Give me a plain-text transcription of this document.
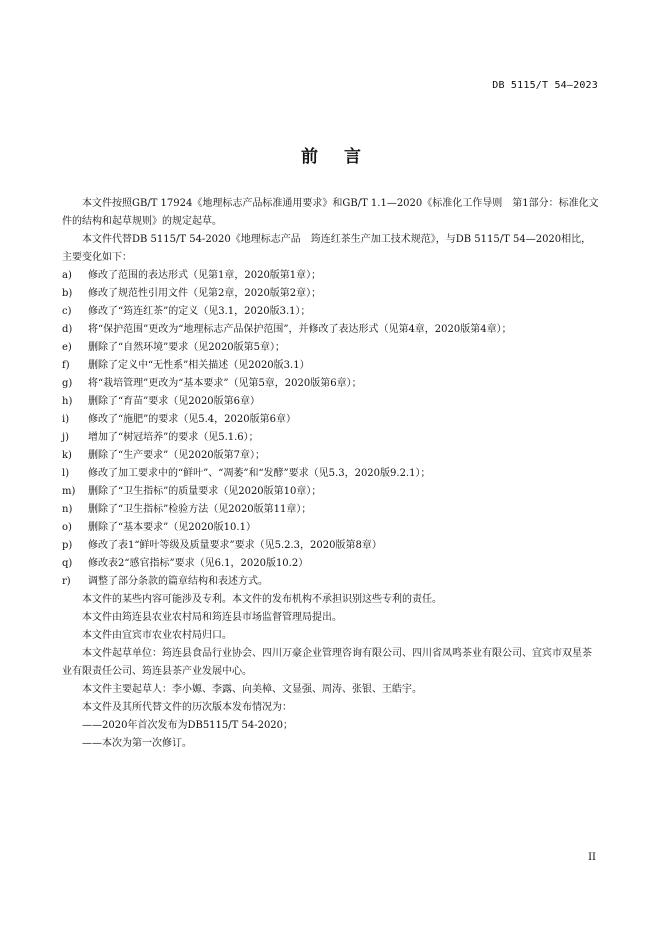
DB 5115/T 54—2023
前言

本文件按照GB/T 17924《地理标志产品标准通用要求》和GB/T 1.1—2020《标准化工作导则　第1部分：标准化文件的结构和起草规则》的规定起草。

本文件代替DB 5115/T 54-2020《地理标志产品　筠连红茶生产加工技术规范》，与DB 5115/T 54—2020相比，主要变化如下：

a)	修改了范围的表达形式（见第1章，2020版第1章）；
b)	修改了规范性引用文件（见第2章，2020版第2章）；
c)	修改了“筠连红茶”的定义（见3.1，2020版3.1）；
d)	将“保护范围”更改为“地理标志产品保护范围”，并修改了表达形式（见第4章，2020版第4章）；
e)	删除了“自然环境”要求（见2020版第5章）；
f)	删除了定义中“无性系”相关描述（见2020版3.1）
g)	将“栽培管理”更改为“基本要求”（见第5章，2020版第6章）；
h)	删除了“育苗”要求（见2020版第6章）
i)	修改了“施肥”的要求（见5.4，2020版第6章）
j)	增加了“树冠培养”的要求（见5.1.6）；
k)	删除了“生产要求”（见2020版第7章）；
l)	修改了加工要求中的“鲜叶”、“凋萎”和“发酵”要求（见5.3，2020版9.2.1）；
m)	删除了“卫生指标”的质量要求（见2020版第10章）；
n)	删除了“卫生指标”检验方法（见2020版第11章）；
o)	删除了“基本要求”（见2020版10.1）
p)	修改了表1“鲜叶等级及质量要求”要求（见5.2.3，2020版第8章）
q)	修改表2“感官指标”要求（见6.1，2020版10.2）
r)	调整了部分条款的篇章结构和表述方式。

本文件的某些内容可能涉及专利。本文件的发布机构不承担识别这些专利的责任。

本文件由筠连县农业农村局和筠连县市场监督管理局提出。

本文件由宜宾市农业农村局归口。

本文件起草单位：筠连县食品行业协会、四川万豪企业管理咨询有限公司、四川省凤鸣茶业有限公司、宜宾市双星茶业有限责任公司、筠连县茶产业发展中心。

本文件主要起草人：李小嫄、李露、向美樟、文显强、周涛、张银、王皓宇。

本文件及其所代替文件的历次版本发布情况为：

——2020年首次发布为DB5115/T 54-2020；

——本次为第一次修订。

II
